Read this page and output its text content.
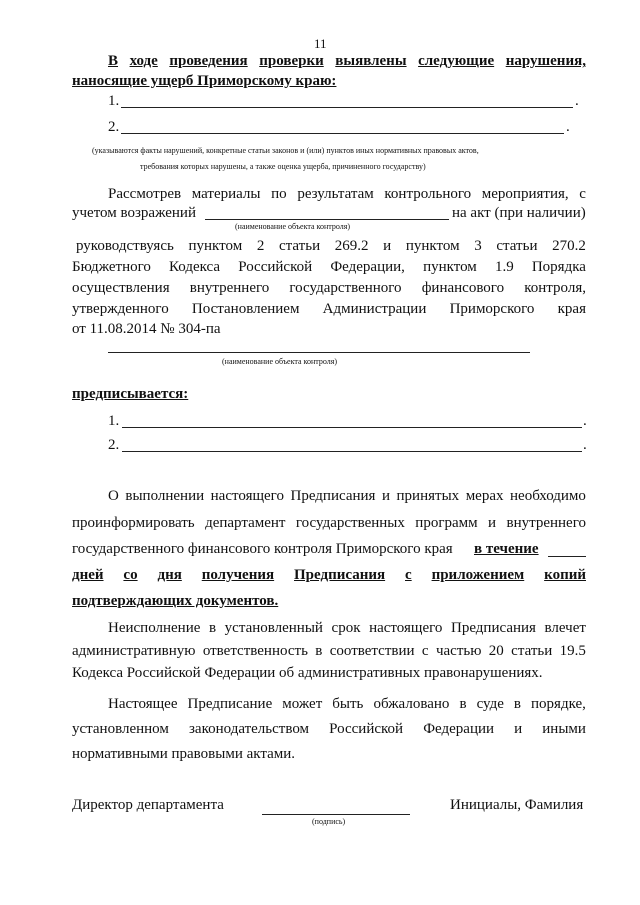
11
В ходе проведения проверки выявлены следующие нарушения,
наносящие ущерб Приморскому краю:
1.	.
2.	.
(указываются факты нарушений, конкретные статьи законов и (или) пунктов иных нормативных правовых актов,
требования которых нарушены, а также оценка ущерба, причиненного государству)
Рассмотрев материалы по результатам контрольного мероприятия, с
учетом возражений	на акт (при наличии)
(наименование объекта контроля)
руководствуясь пунктом 2 статьи 269.2 и пунктом 3 статьи 270.2
Бюджетного Кодекса Российской Федерации, пунктом 1.9 Порядка
осуществления внутреннего государственного финансового контроля,
утвержденного Постановлением Администрации Приморского края
от 11.08.2014 № 304-па
(наименование объекта контроля)
предписывается:
1.	.
2.	.
О выполнении настоящего Предписания и принятых мерах необходимо
проинформировать департамент государственных программ и внутреннего
государственного финансового контроля Приморского края в течение
дней со дня получения Предписания с приложением копий
подтверждающих документов.
Неисполнение в установленный срок настоящего Предписания влечет
административную ответственность в соответствии с частью 20 статьи 19.5
Кодекса Российской Федерации об административных правонарушениях.
Настоящее Предписание может быть обжаловано в суде в порядке,
установленном законодательством Российской Федерации и иными
нормативными правовыми актами.
Директор департамента
(подпись)
Инициалы, Фамилия
